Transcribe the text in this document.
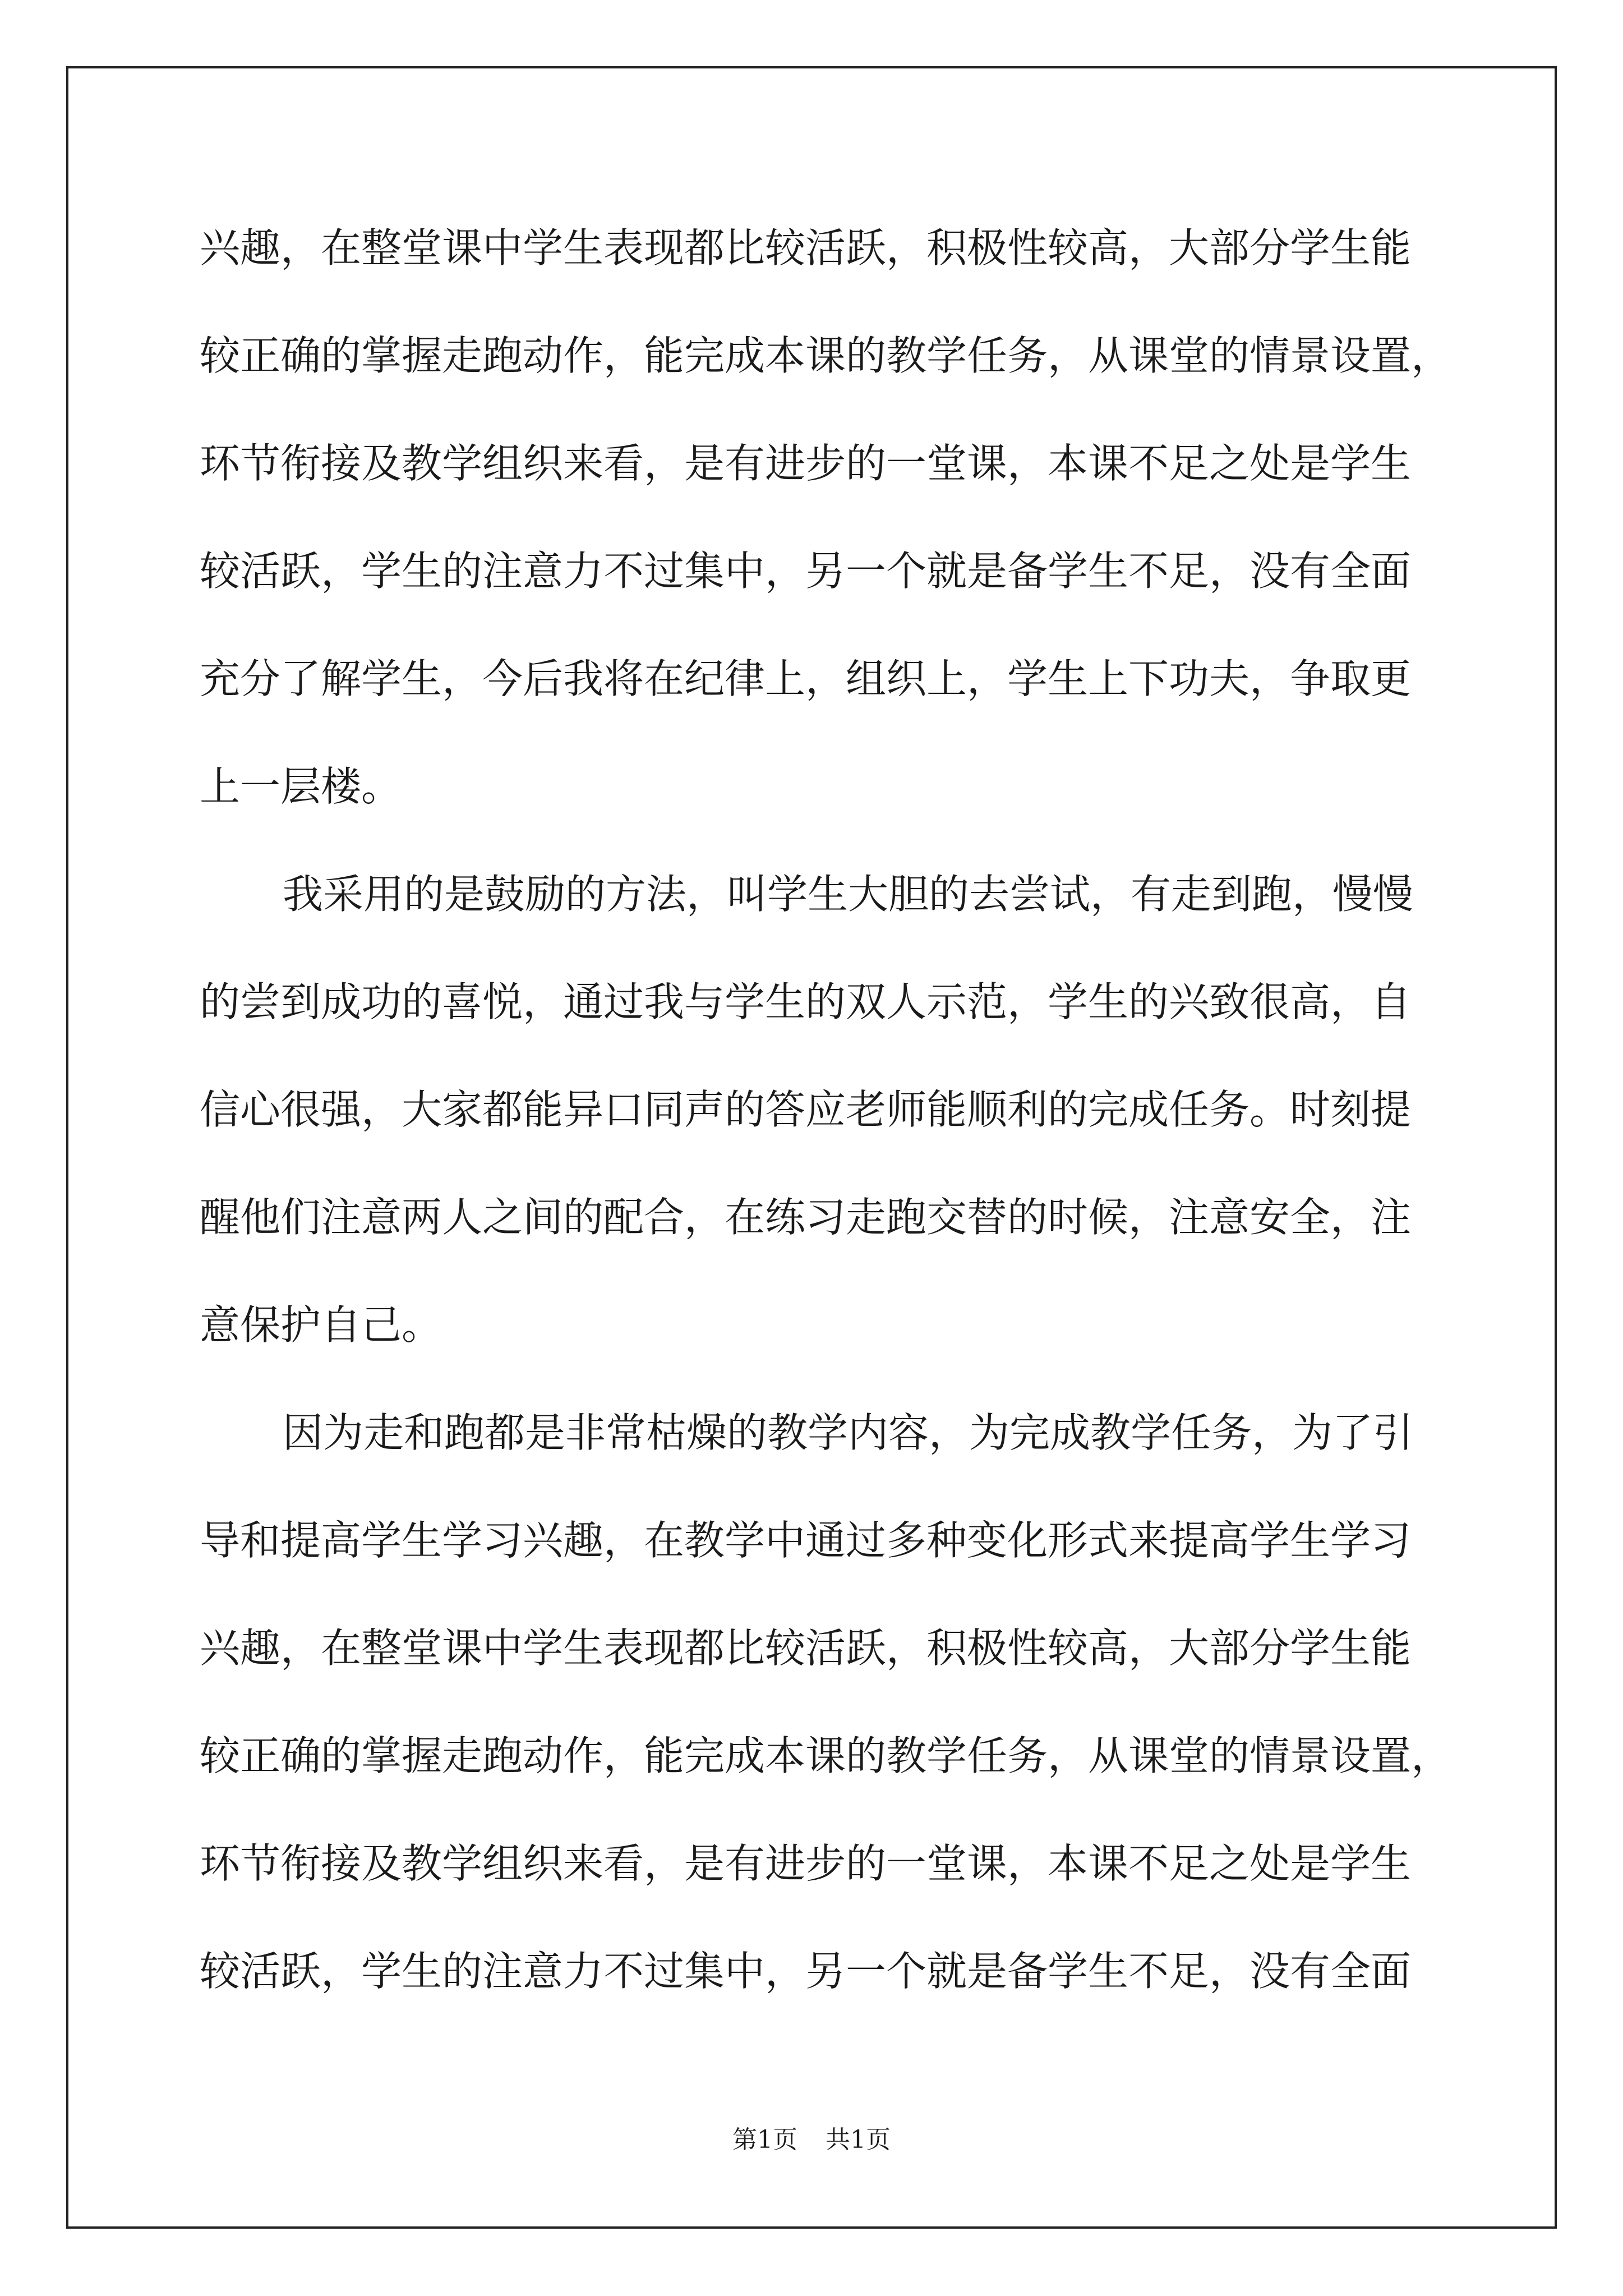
兴趣，在整堂课中学生表现都比较活跃，积极性较高，大部分学生能
较正确的掌握走跑动作，能完成本课的教学任务，从课堂的情景设置，
环节衔接及教学组织来看，是有进步的一堂课，本课不足之处是学生
较活跃，学生的注意力不过集中，另一个就是备学生不足，没有全面
充分了解学生，今后我将在纪律上，组织上，学生上下功夫，争取更
上一层楼。
我采用的是鼓励的方法，叫学生大胆的去尝试，有走到跑，慢慢
的尝到成功的喜悦，通过我与学生的双人示范，学生的兴致很高，自
信心很强，大家都能异口同声的答应老师能顺利的完成任务。时刻提
醒他们注意两人之间的配合，在练习走跑交替的时候，注意安全，注
意保护自己。
因为走和跑都是非常枯燥的教学内容，为完成教学任务，为了引
导和提高学生学习兴趣，在教学中通过多种变化形式来提高学生学习
兴趣，在整堂课中学生表现都比较活跃，积极性较高，大部分学生能
较正确的掌握走跑动作，能完成本课的教学任务，从课堂的情景设置，
环节衔接及教学组织来看，是有进步的一堂课，本课不足之处是学生
较活跃，学生的注意力不过集中，另一个就是备学生不足，没有全面
第1页 共1页
